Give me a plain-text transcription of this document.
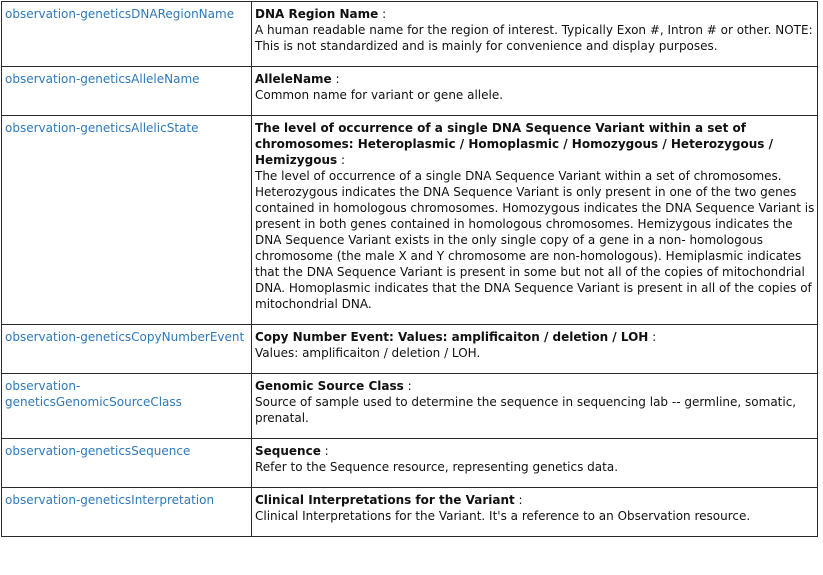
observation-geneticsDNARegionName	DNA Region Name :
A human readable name for the region of interest. Typically Exon #, Intron # or other. NOTE: This is not standardized and is mainly for convenience and display purposes.

observation-geneticsAlleleName	AlleleName :
Common name for variant or gene allele.

observation-geneticsAllelicState	The level of occurrence of a single DNA Sequence Variant within a set of chromosomes: Heteroplasmic / Homoplasmic / Homozygous / Heterozygous / Hemizygous :
The level of occurrence of a single DNA Sequence Variant within a set of chromosomes. Heterozygous indicates the DNA Sequence Variant is only present in one of the two genes contained in homologous chromosomes. Homozygous indicates the DNA Sequence Variant is present in both genes contained in homologous chromosomes. Hemizygous indicates the DNA Sequence Variant exists in the only single copy of a gene in a non- homologous chromosome (the male X and Y chromosome are non-homologous). Hemiplasmic indicates that the DNA Sequence Variant is present in some but not all of the copies of mitochondrial DNA. Homoplasmic indicates that the DNA Sequence Variant is present in all of the copies of mitochondrial DNA.

observation-geneticsCopyNumberEvent	Copy Number Event: Values: amplificaiton / deletion / LOH :
Values: amplificaiton / deletion / LOH.

observation-geneticsGenomicSourceClass	Genomic Source Class :
Source of sample used to determine the sequence in sequencing lab -- germline, somatic, prenatal.

observation-geneticsSequence	Sequence :
Refer to the Sequence resource, representing genetics data.

observation-geneticsInterpretation	Clinical Interpretations for the Variant :
Clinical Interpretations for the Variant. It's a reference to an Observation resource.
